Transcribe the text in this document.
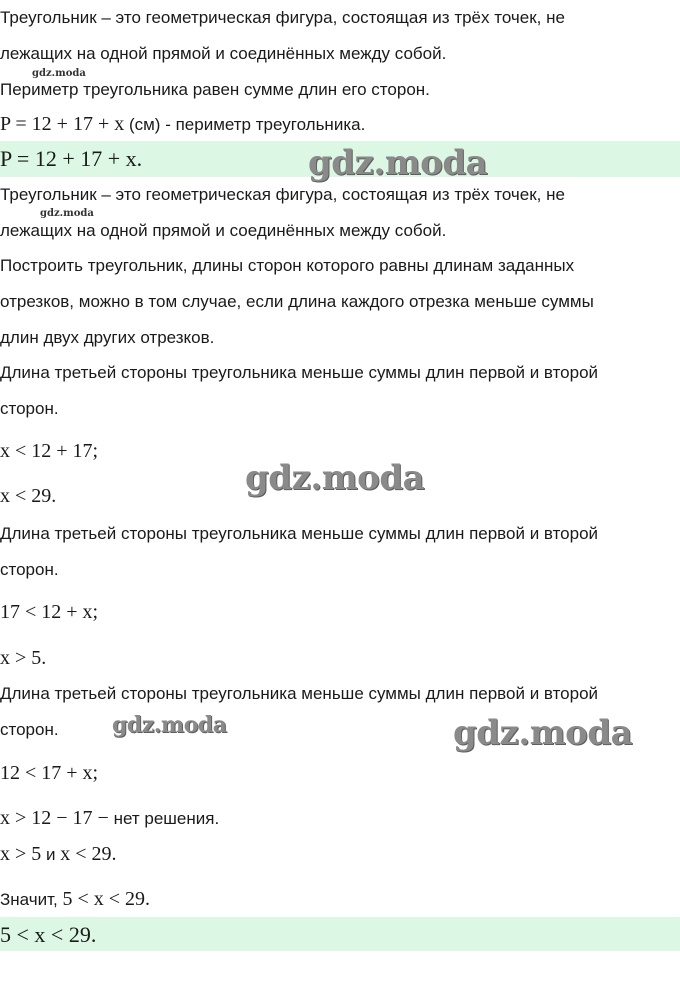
Треугольник – это геометрическая фигура, состоящая из трёх точек, не
лежащих на одной прямой и соединённых между собой.
gdz.moda
Периметр треугольника равен сумме длин его сторон.
P = 12 + 17 + x (см) - периметр треугольника.
P = 12 + 17 + x.	gdz.moda
Треугольник – это геометрическая фигура, состоящая из трёх точек, не
gdz.moda
лежащих на одной прямой и соединённых между собой.
Построить треугольник, длины сторон которого равны длинам заданных
отрезков, можно в том случае, если длина каждого отрезка меньше суммы
длин двух других отрезков.
Длина третьей стороны треугольника меньше суммы длин первой и второй
сторон.
x < 12 + 17;
gdz.moda
x < 29.
Длина третьей стороны треугольника меньше суммы длин первой и второй
сторон.
17 < 12 + x;
x > 5.
Длина третьей стороны треугольника меньше суммы длин первой и второй
сторон.	gdz.moda	gdz.moda
12 < 17 + x;
x > 12 − 17 − нет решения.
x > 5 и x < 29.
Значит, 5 < x < 29.
5 < x < 29.
